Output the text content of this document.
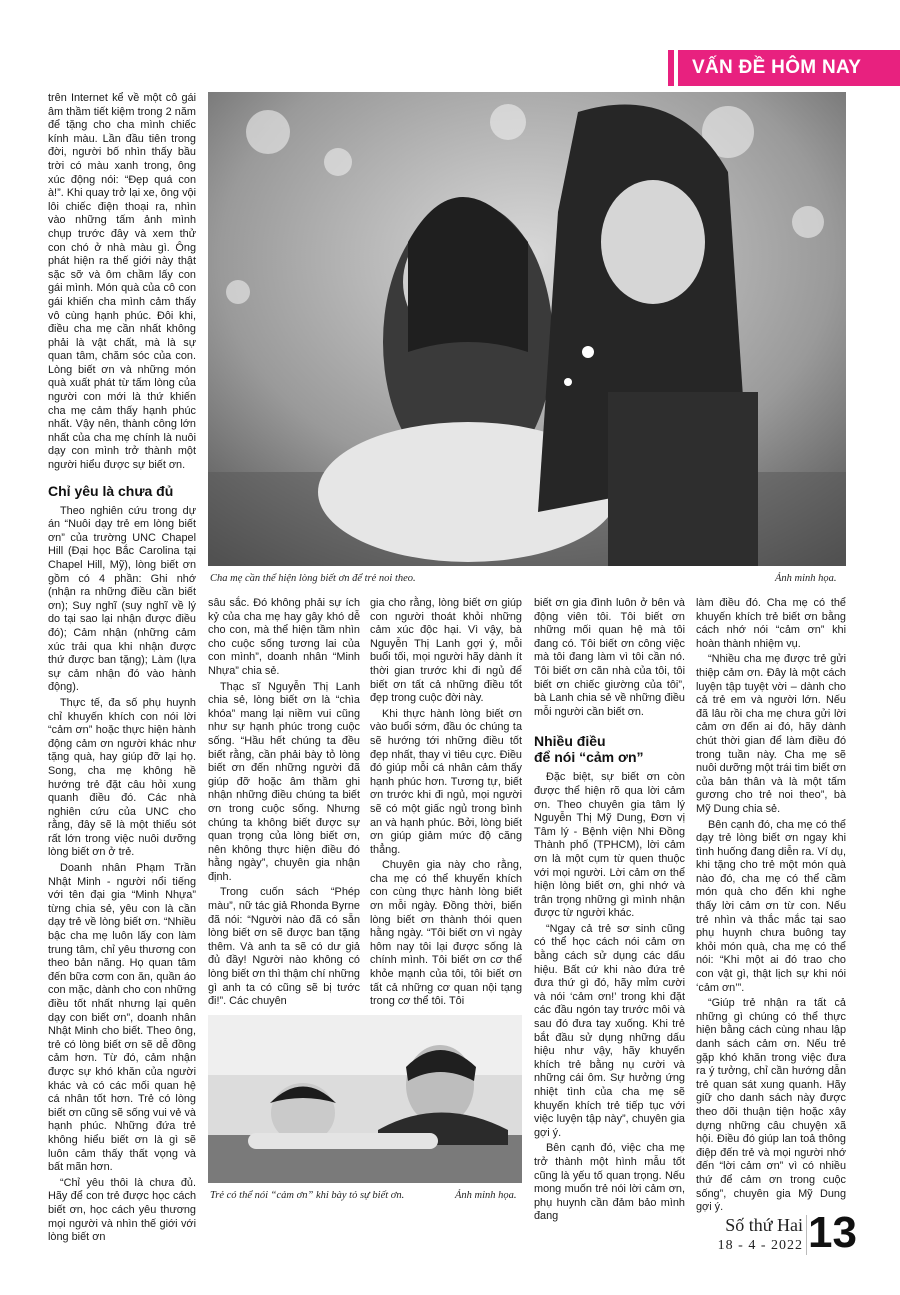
VẤN ĐỀ HÔM NAY

trên Internet kể về một cô gái âm thầm tiết kiệm trong 2 năm để tặng cho cha mình chiếc kính màu. Lần đầu tiên trong đời, người bố nhìn thấy bầu trời có màu xanh trong, ông xúc động nói: “Đẹp quá con à!”. Khi quay trở lại xe, ông vội lôi chiếc điện thoại ra, nhìn vào những tấm ảnh mình chụp trước đây và xem thử con chó ở nhà màu gì. Ông phát hiện ra thế giới này thật sặc sỡ và ôm chầm lấy con gái mình. Món quà của cô con gái khiến cha mình cảm thấy vô cùng hạnh phúc. Đôi khi, điều cha mẹ cần nhất không phải là vật chất, mà là sự quan tâm, chăm sóc của con. Lòng biết ơn và những món quà xuất phát từ tấm lòng của người con mới là thứ khiến cha mẹ cảm thấy hạnh phúc nhất. Vậy nên, thành công lớn nhất của cha mẹ chính là nuôi dạy con mình trở thành một người hiểu được sự biết ơn.

Chỉ yêu là chưa đủ

Theo nghiên cứu trong dự án “Nuôi dạy trẻ em lòng biết ơn” của trường UNC Chapel Hill (Đại học Bắc Carolina tại Chapel Hill, Mỹ), lòng biết ơn gồm có 4 phần: Ghi nhớ (nhận ra những điều cần biết ơn); Suy nghĩ (suy nghĩ về lý do tại sao lại nhận được điều đó); Cảm nhận (những cảm xúc trải qua khi nhận được thứ được ban tặng); Làm (lựa sự cảm nhận đó vào hành động).

Thực tế, đa số phụ huynh chỉ khuyến khích con nói lời “cảm ơn” hoặc thực hiện hành động cảm ơn người khác như tặng quà, hay giúp đỡ lại họ. Song, cha mẹ không hề hướng trẻ đặt câu hỏi xung quanh điều đó. Các nhà nghiên cứu của UNC cho rằng, đây sẽ là một thiếu sót rất lớn trong việc nuôi dưỡng lòng biết ơn ở trẻ.

Doanh nhân Phạm Trần Nhật Minh - người nổi tiếng với tên đại gia “Minh Nhựa” từng chia sẻ, yêu con là cần dạy trẻ về lòng biết ơn. “Nhiều bậc cha mẹ luôn lấy con làm trung tâm, chỉ yêu thương con theo bản năng. Họ quan tâm đến bữa cơm con ăn, quần áo con mặc, dành cho con những điều tốt nhất nhưng lại quên dạy con biết ơn”, doanh nhân Nhật Minh cho biết. Theo ông, trẻ có lòng biết ơn sẽ dễ đồng cảm hơn. Từ đó, cảm nhận được sự khó khăn của người khác và có các mối quan hệ cá nhân tốt hơn. Trẻ có lòng biết ơn cũng sẽ sống vui vẻ và hạnh phúc. Những đứa trẻ không hiểu biết ơn là gì sẽ luôn cảm thấy thất vọng và bất mãn hơn.

“Chỉ yêu thôi là chưa đủ. Hãy để con trẻ được học cách biết ơn, học cách yêu thương mọi người và nhìn thế giới với lòng biết ơn

Cha mẹ cần thể hiện lòng biết ơn để trẻ noi theo.	Ảnh minh họa.

sâu sắc. Đó không phải sự ích kỷ của cha mẹ hay gây khó dễ cho con, mà thể hiện tầm nhìn cho cuộc sống tương lai của con mình”, doanh nhân “Minh Nhựa” chia sẻ.

Thạc sĩ Nguyễn Thị Lanh chia sẻ, lòng biết ơn là “chìa khóa” mang lại niềm vui cũng như sự hạnh phúc trong cuộc sống. “Hầu hết chúng ta đều biết rằng, cần phải bày tỏ lòng biết ơn đến những người đã giúp đỡ hoặc âm thầm ghi nhận những điều chúng ta biết ơn trong cuộc sống. Nhưng chúng ta không biết được sự quan trọng của lòng biết ơn, nên không thực hiện điều đó hằng ngày”, chuyên gia nhận định.

Trong cuốn sách “Phép màu”, nữ tác giả Rhonda Byrne đã nói: “Người nào đã có sẵn lòng biết ơn sẽ được ban tặng thêm. Và anh ta sẽ có dư giả đủ đầy! Người nào không có lòng biết ơn thì thậm chí những gì anh ta có cũng sẽ bị tước đi!”. Các chuyên

gia cho rằng, lòng biết ơn giúp con người thoát khỏi những cảm xúc độc hại. Vì vậy, bà Nguyễn Thị Lanh gợi ý, mỗi buổi tối, mọi người hãy dành ít thời gian trước khi đi ngủ để biết ơn tất cả những điều tốt đẹp trong cuộc đời này.

Khi thực hành lòng biết ơn vào buổi sớm, đầu óc chúng ta sẽ hướng tới những điều tốt đẹp nhất, thay vì tiêu cực. Điều đó giúp mỗi cá nhân cảm thấy hạnh phúc hơn. Tương tự, biết ơn trước khi đi ngủ, mọi người sẽ có một giấc ngủ trong bình an và hạnh phúc. Bởi, lòng biết ơn giúp giảm mức độ căng thẳng.

Chuyên gia này cho rằng, cha mẹ có thể khuyến khích con cùng thực hành lòng biết ơn mỗi ngày. Đồng thời, biến lòng biết ơn thành thói quen hằng ngày. “Tôi biết ơn vì ngày hôm nay tôi lại được sống là chính mình. Tôi biết ơn cơ thể khỏe mạnh của tôi, tôi biết ơn tất cả những cơ quan nội tạng trong cơ thể tôi. Tôi

Trẻ có thể nói “cảm ơn” khi bày tỏ sự biết ơn.	Ảnh minh họa.

biết ơn gia đình luôn ở bên và động viên tôi. Tôi biết ơn những mối quan hệ mà tôi đang có. Tôi biết ơn công việc mà tôi đang làm vì tôi cần nó. Tôi biết ơn căn nhà của tôi, tôi biết ơn chiếc giường của tôi”, bà Lanh chia sẻ về những điều mỗi người cần biết ơn.

Nhiều điều
để nói “cảm ơn”

Đặc biệt, sự biết ơn còn được thể hiện rõ qua lời cảm ơn. Theo chuyên gia tâm lý Nguyễn Thị Mỹ Dung, Đơn vị Tâm lý - Bệnh viện Nhi Đồng Thành phố (TPHCM), lời cảm ơn là một cụm từ quen thuộc với mọi người. Lời cảm ơn thể hiện lòng biết ơn, ghi nhớ và trân trọng những gì mình nhận được từ người khác.

“Ngay cả trẻ sơ sinh cũng có thể học cách nói cảm ơn bằng cách sử dụng các dấu hiệu. Bất cứ khi nào đứa trẻ đưa thứ gì đó, hãy mỉm cười và nói ‘cảm ơn!’ trong khi đặt các đầu ngón tay trước môi và sau đó đưa tay xuống. Khi trẻ bắt đầu sử dụng những dấu hiệu như vậy, hãy khuyến khích trẻ bằng nụ cười và những cái ôm. Sự hưởng ứng nhiệt tình của cha mẹ sẽ khuyến khích trẻ tiếp tục với việc luyện tập này”, chuyên gia gợi ý.

Bên cạnh đó, việc cha mẹ trở thành một hình mẫu tốt cũng là yếu tố quan trọng. Nếu mong muốn trẻ nói lời cảm ơn, phụ huynh cần đảm bảo mình đang

làm điều đó. Cha mẹ có thể khuyến khích trẻ biết ơn bằng cách nhớ nói “cảm ơn” khi hoàn thành nhiệm vụ.

“Nhiều cha mẹ được trẻ gửi thiệp cảm ơn. Đây là một cách luyện tập tuyệt vời – dành cho cả trẻ em và người lớn. Nếu đã lâu rồi cha mẹ chưa gửi lời cảm ơn đến ai đó, hãy dành chút thời gian để làm điều đó trong tuần này. Cha mẹ sẽ nuôi dưỡng một trái tim biết ơn của bản thân và là một tấm gương cho trẻ noi theo”, bà Mỹ Dung chia sẻ.

Bên cạnh đó, cha mẹ có thể dạy trẻ lòng biết ơn ngay khi tình huống đang diễn ra. Ví dụ, khi tặng cho trẻ một món quà nào đó, cha mẹ có thể cầm món quà cho đến khi nghe thấy lời cảm ơn từ con. Nếu trẻ nhìn và thắc mắc tại sao phụ huynh chưa buông tay khỏi món quà, cha mẹ có thể nói: “Khi một ai đó trao cho con vật gì, thật lịch sự khi nói ‘cảm ơn’”.

“Giúp trẻ nhận ra tất cả những gì chúng có thể thực hiện bằng cách cùng nhau lập danh sách cảm ơn. Nếu trẻ gặp khó khăn trong việc đưa ra ý tưởng, chỉ cần hướng dẫn trẻ quan sát xung quanh. Hãy giữ cho danh sách này được theo dõi thuận tiện hoặc xây dựng những câu chuyện xã hội. Điều đó giúp lan toả thông điệp đến trẻ và mọi người nhớ đến “lời cảm ơn” vì có nhiều thứ để cảm ơn trong cuộc sống”, chuyên gia Mỹ Dung gợi ý.

Số thứ Hai
18 - 4 - 2022 13
